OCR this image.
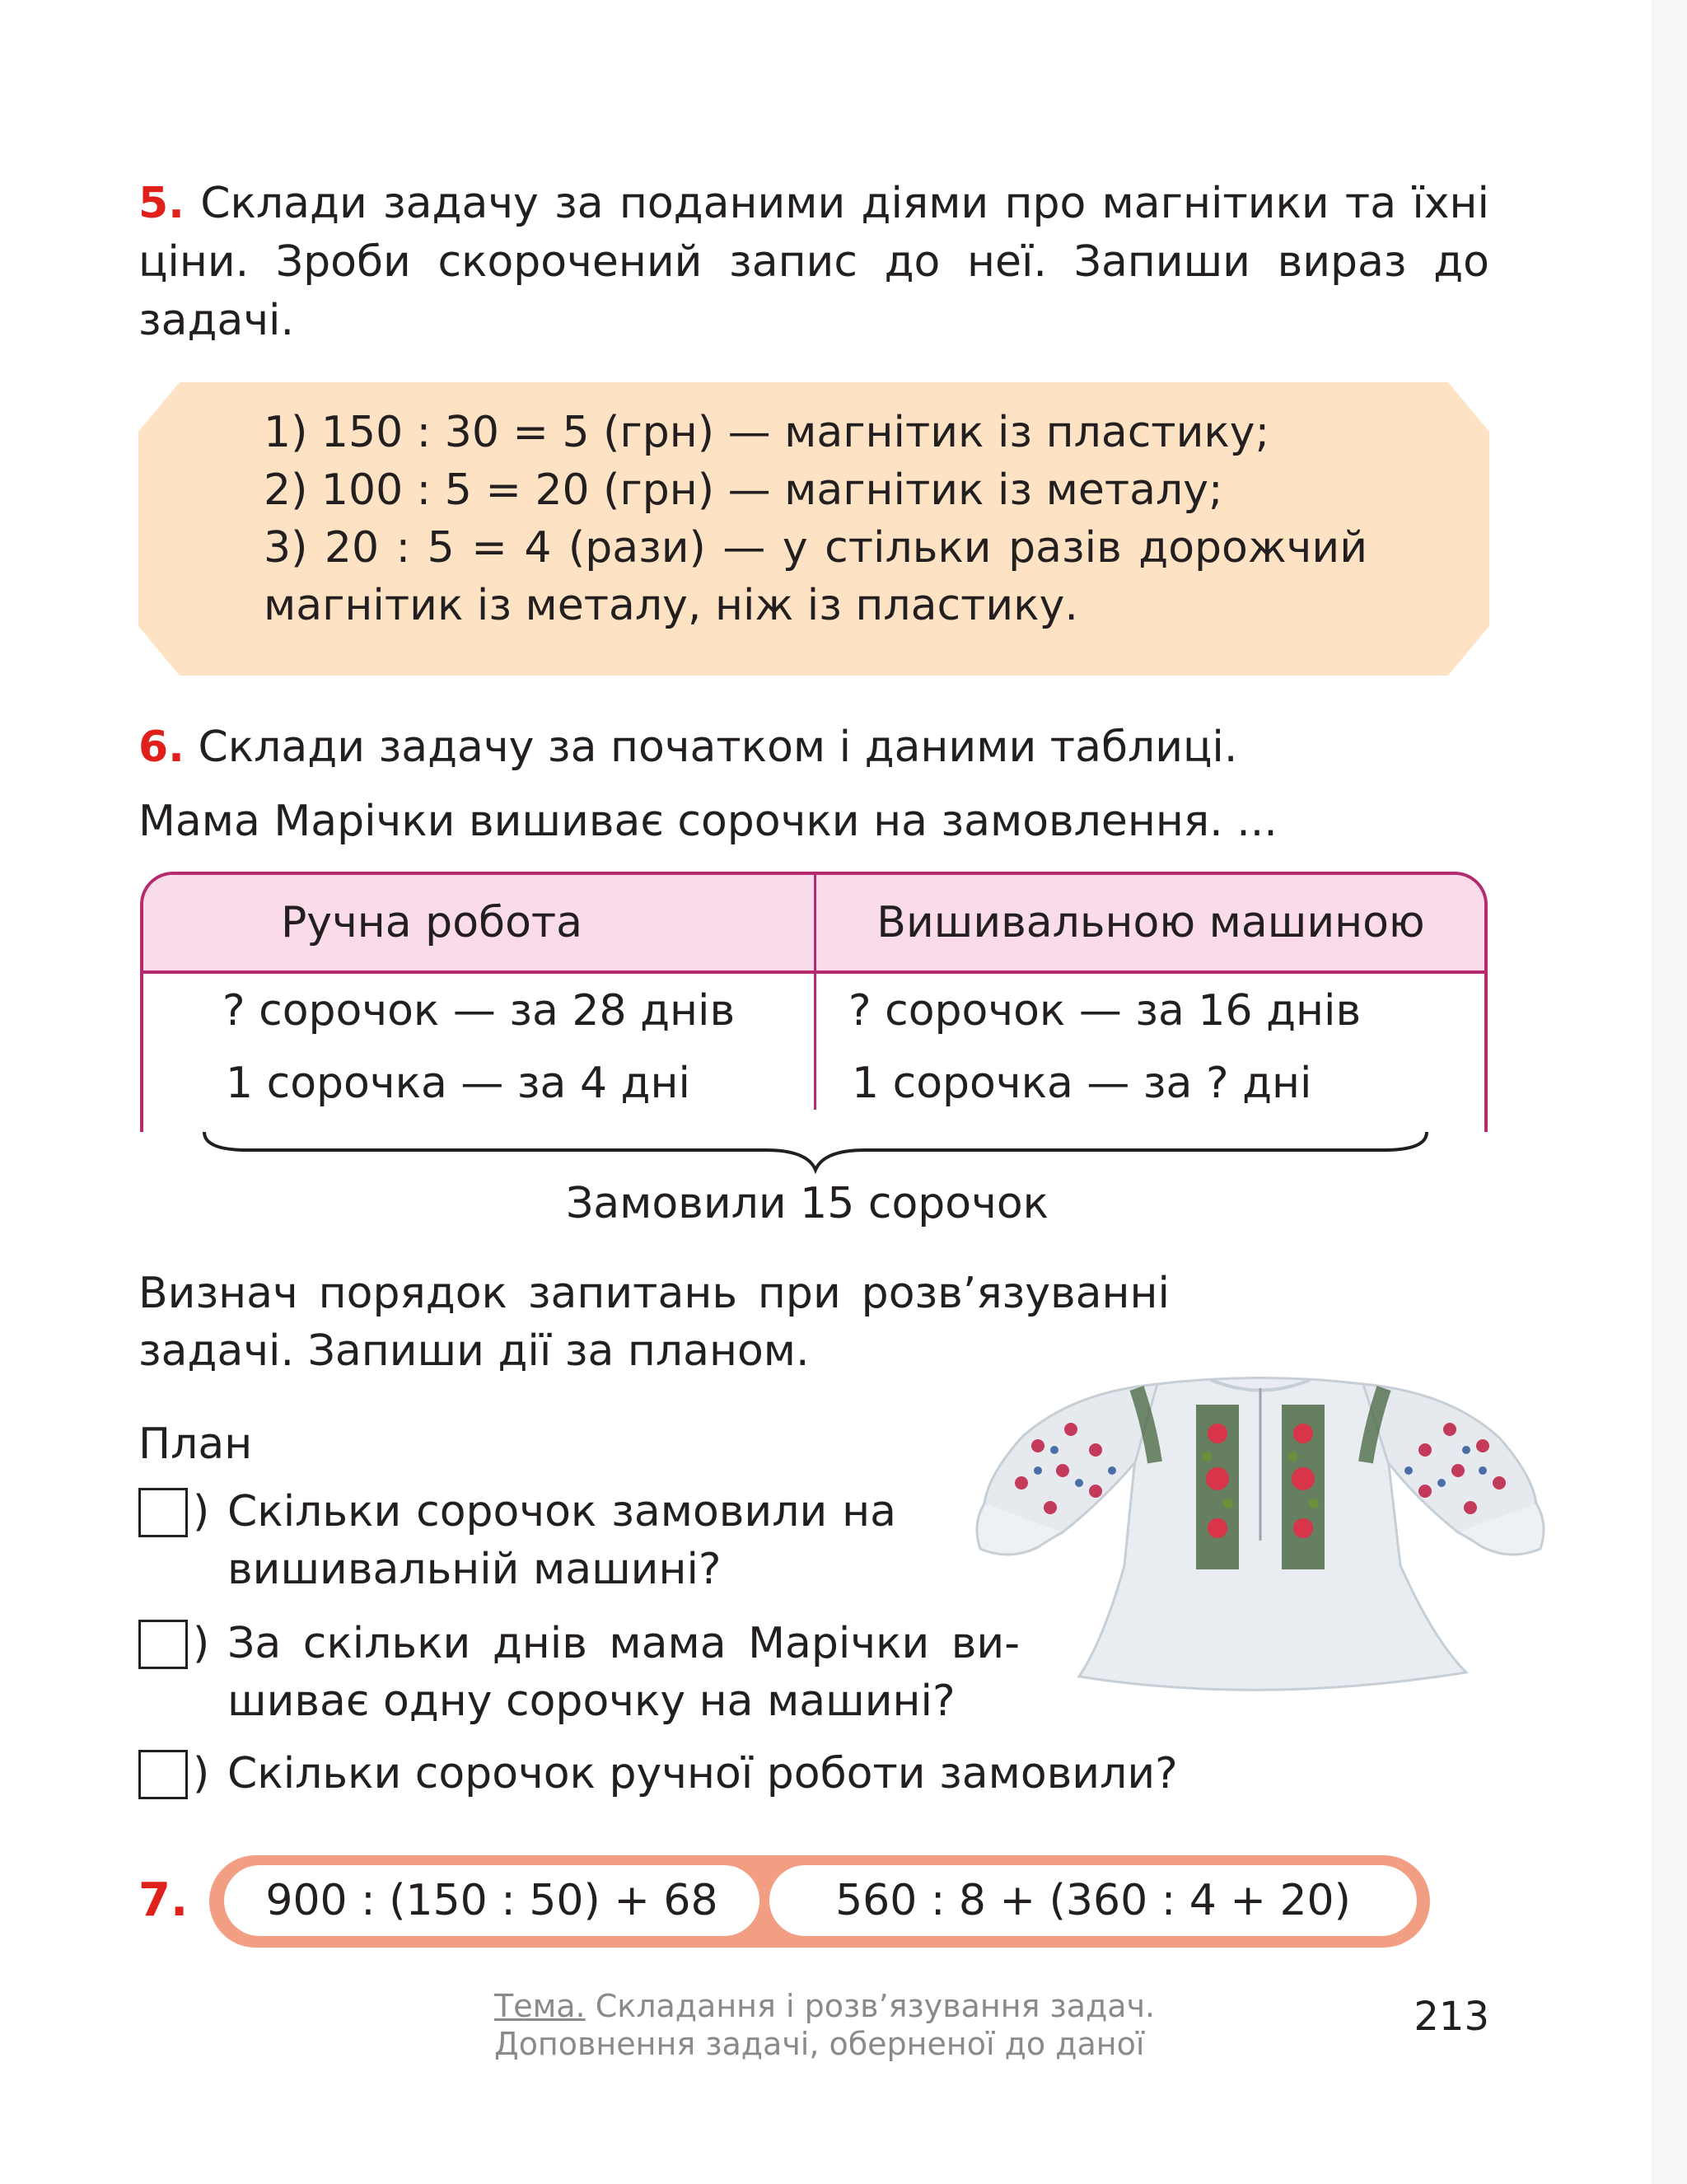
5. Склади задачу за поданими діями про магнітики та їхні
ціни. Зроби скорочений запис до неї. Запиши вираз до
задачі.
1) 150 : 30 = 5 (грн) — магнітик із пластику;
2) 100 : 5 = 20 (грн) — магнітик із металу;
3) 20 : 5 = 4 (рази) — у стільки разів дорожчий
магнітик із металу, ніж із пластику.
6. Склади задачу за початком і даними таблиці.
Мама Марічки вишиває сорочки на замовлення. ...
Ручна робота	Вишивальною машиною
? сорочок — за 28 днів	? сорочок — за 16 днів
1 сорочка — за 4 дні	1 сорочка — за ? дні
Замовили 15 сорочок
Визнач порядок запитань при розв’язуванні
задачі. Запиши дії за планом.
План
) Скільки сорочок замовили на
вишивальній машині?
) За скільки днів мама Марічки ви-
шиває одну сорочку на машині?
) Скільки сорочок ручної роботи замовили?
7.	900 : (150 : 50) + 68	560 : 8 + (360 : 4 + 20)
Тема. Складання і розв’язування задач.
Доповнення задачі, оберненої до даної
213
